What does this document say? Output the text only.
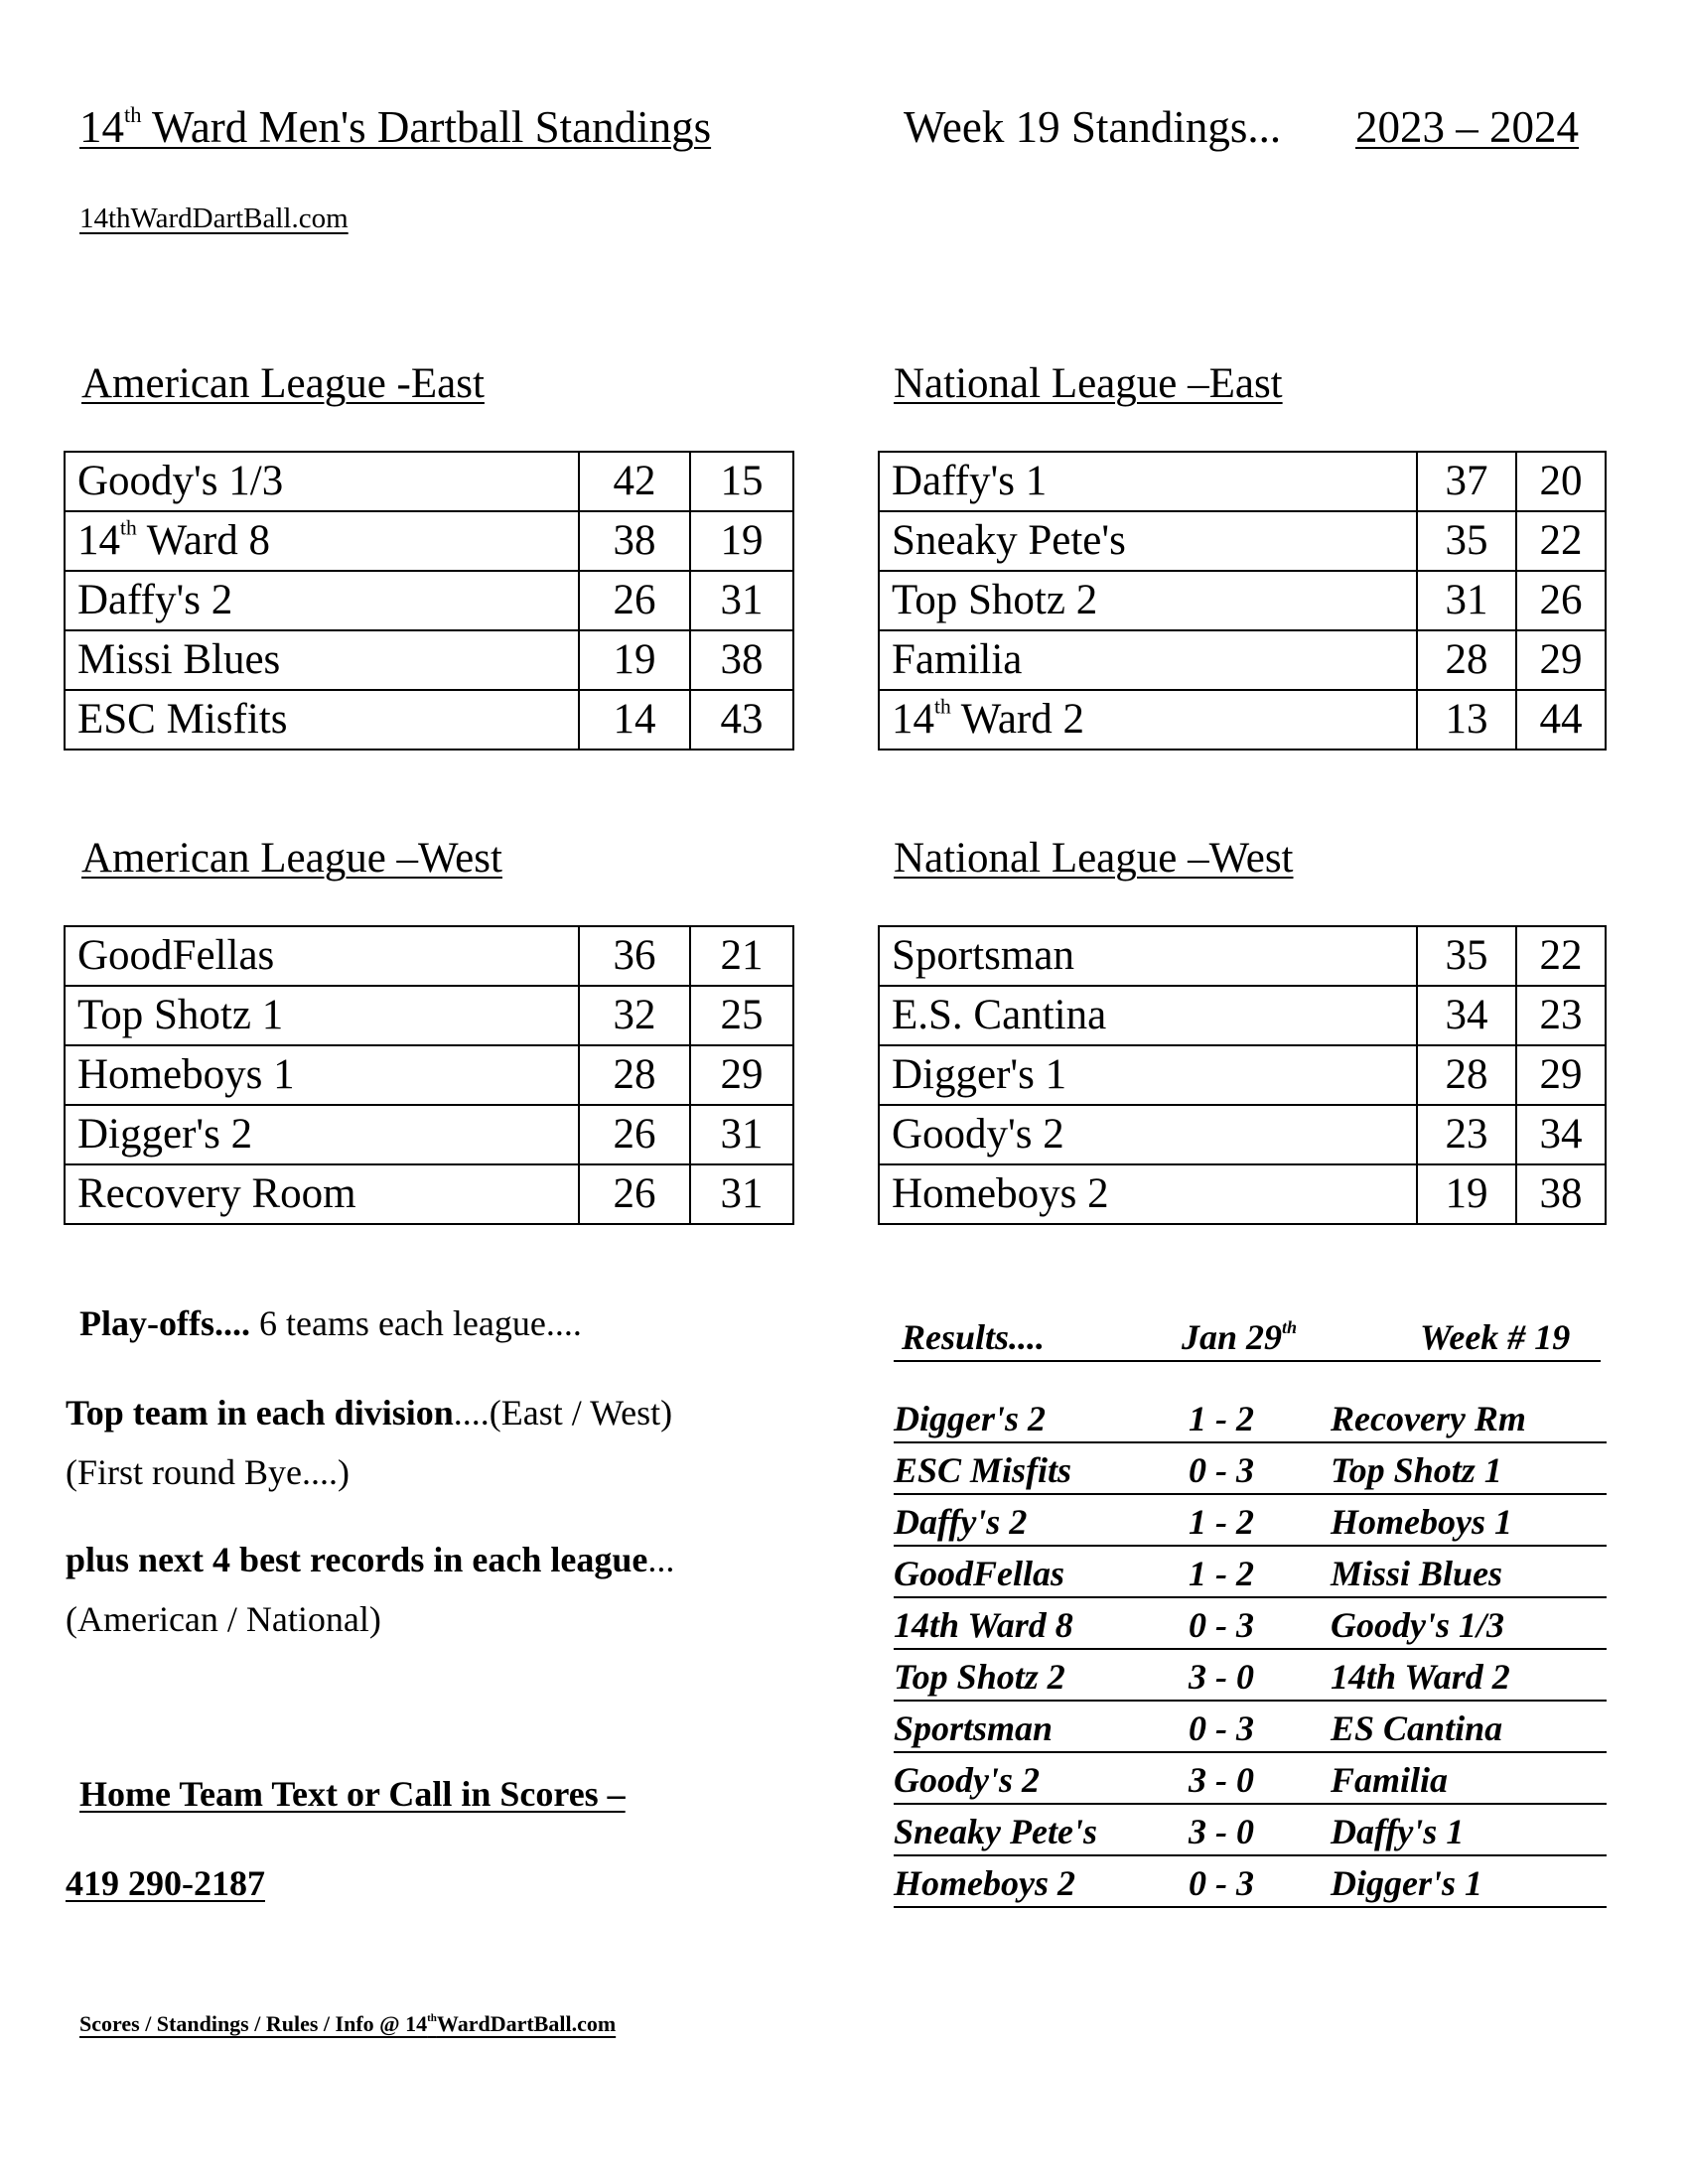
14th Ward Men's Dartball Standings	Week 19 Standings... 2023 – 2024
14thWardDartBall.com
American League -East	National League –East
American League –West	National League –West
Goody's 1/3	42	15
14th Ward 8	38	19
Daffy's 2	26	31
Missi Blues	19	38
ESC Misfits	14	43
Daffy's 1	37	20
Sneaky Pete's	35	22
Top Shotz 2	31	26
Familia	28	29
14th Ward 2	13	44
GoodFellas	36	21
Top Shotz 1	32	25
Homeboys 1	28	29
Digger's 2	26	31
Recovery Room	26	31
Sportsman	35	22
E.S. Cantina	34	23
Digger's 1	28	29
Goody's 2	23	34
Homeboys 2	19	38
Play-offs.... 6 teams each league....
Top team in each division....(East / West)
(First round Bye....)
plus next 4 best records in each league...
(American / National)
Home Team Text or Call in Scores –
419 290-2187
Results....	Jan 29th	Week # 19
Digger's 2	1 - 2	Recovery Rm
ESC Misfits	0 - 3	Top Shotz 1
Daffy's 2	1 - 2	Homeboys 1
GoodFellas	1 - 2	Missi Blues
14th Ward 8	0 - 3	Goody's 1/3
Top Shotz 2	3 - 0	14th Ward 2
Sportsman	0 - 3	ES Cantina
Goody's 2	3 - 0	Familia
Sneaky Pete's	3 - 0	Daffy's 1
Homeboys 2	0 - 3	Digger's 1
Scores / Standings / Rules / Info @ 14thWardDartBall.com
